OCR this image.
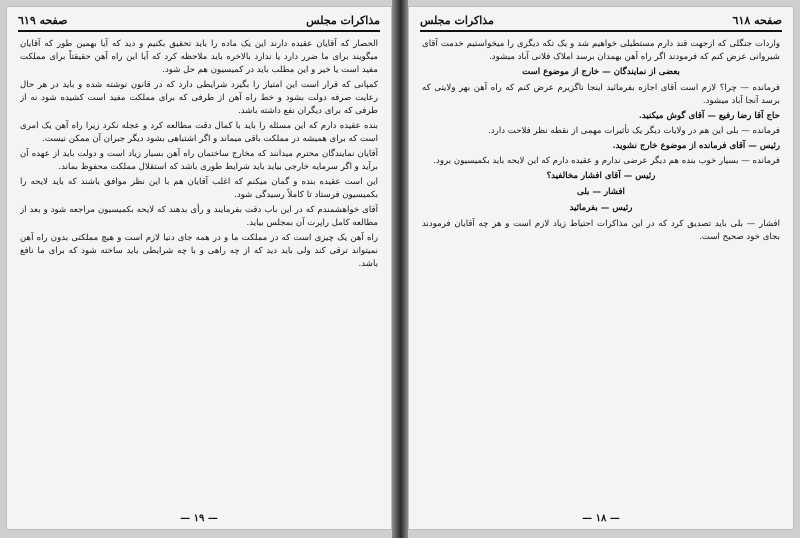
مذاكرات مجلس
صفحه ٦١٩

الحصار که آقایان عقیده دارند این یک ماده را باید تحقیق بکنیم و دید که آیا بهمین طور که آقایان میگویند برای ما ضرر دارد یا ندارد بالاخره باید ملاحظه کرد که آیا این راه آهن حقیقتاً برای مملکت مفید است یا خیر و این مطلب باید در کمیسیون هم حل شود.

کمپانی که قرار است این امتیاز را بگیرد شرایطی دارد که در قانون نوشته شده و باید در هر حال رعایت صرفه دولت بشود و خط راه آهن از طرفی که برای مملکت مفید است کشیده شود نه از طرفی که برای دیگران نفع داشته باشد.

بنده عقیده دارم که این مسئله را باید با کمال دقت مطالعه کرد و عجله نکرد زیرا راه آهن یک امری است که برای همیشه در مملکت باقی میماند و اگر اشتباهی بشود دیگر جبران آن ممکن نیست.

آقایان نمایندگان محترم میدانند که مخارج ساختمان راه آهن بسیار زیاد است و دولت باید از عهده آن برآید و اگر سرمایه خارجی بیاید باید شرایط طوری باشد که استقلال مملکت محفوظ بماند.

این است عقیده بنده و گمان میکنم که اغلب آقایان هم با این نظر موافق باشند که باید لایحه را بکمیسیون فرستاد تا کاملاً رسیدگی شود.

آقای خواهشمندم که در این باب دقت بفرمایند و رأی بدهند که لایحه بکمیسیون مراجعه شود و بعد از مطالعه کامل راپرت آن بمجلس بیاید.

راه آهن یک چیزی است که در مملکت ما و در همه جای دنیا لازم است و هیچ مملکتی بدون راه آهن نمیتواند ترقی کند ولی باید دید که از چه راهی و با چه شرایطی باید ساخته شود که برای ما نافع باشد.

— ١٩ —
صفحه ٦١٨
مذاكرات مجلس

واردات جنگلی که ازجهت قند دارم مستطیلی خواهیم شد و یک تکه دیگری را میخواستیم خدمت آقای شیروانی عرض کنم که فرمودند اگر راه آهن بهمدان برسد املاک فلانی آباد میشود.

بعضی از نمایندگان — خارج از موضوع است

فرمانده — چرا؟ لازم است آقای اجازه بفرمائید اینجا ناگزیرم عرض کنم که راه آهن بهر ولایتی که برسد آنجا آباد میشود.

حاج آقا رضا رفیع — آقای گوش میکنید.

فرمانده — بلی این هم در ولایات دیگر یک تأثیرات مهمی از نقطه نظر فلاحت دارد.

رئیس — آقای فرمانده از موضوع خارج نشوید.

فرمانده — بسیار خوب بنده هم دیگر عرضی ندارم و عقیده دارم که این لایحه باید بکمیسیون برود.

رئیس — آقای افشار مخالفید؟

افشار — بلی

رئیس — بفرمائید

افشار — بلی باید تصدیق کرد که در این مذاکرات احتیاط زیاد لازم است و هر چه آقایان فرمودند بجای خود صحیح است.

— ١٨ —
